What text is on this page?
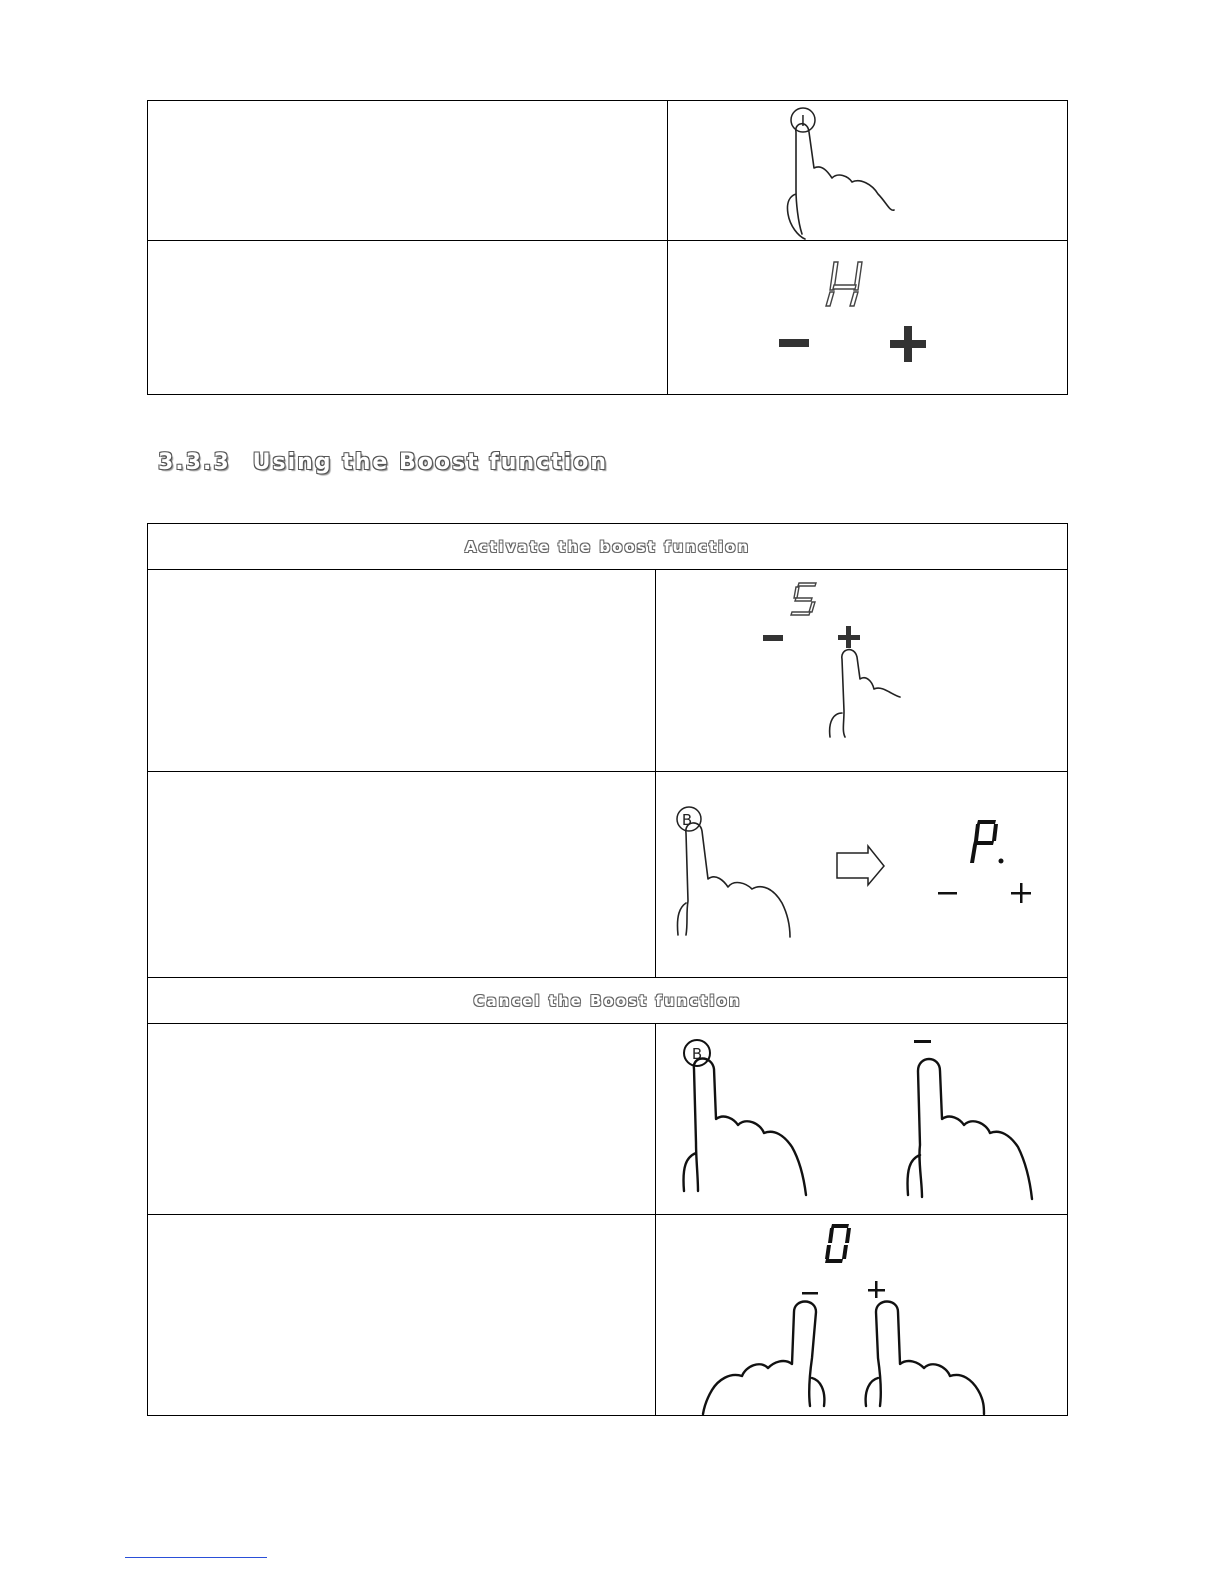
I

H
3.3.3 Using the Boost function
Activate the boost function	

5

B
P.

Cancel the Boost function	

B

0
